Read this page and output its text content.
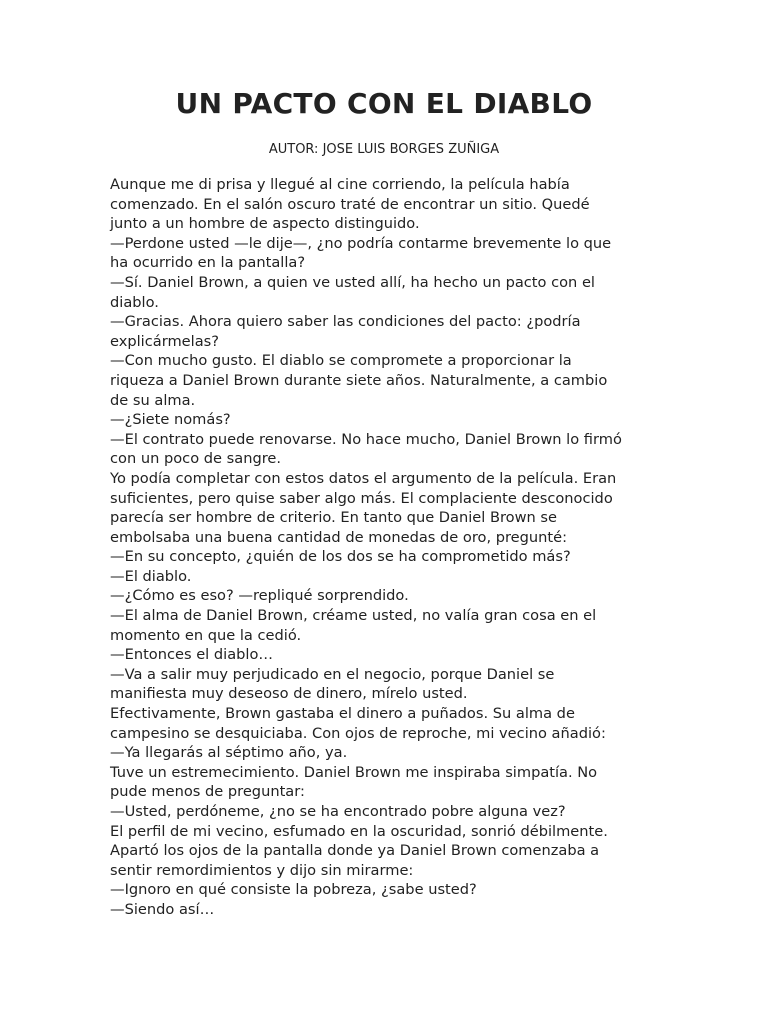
UN PACTO CON EL DIABLO
AUTOR: JOSE LUIS BORGES ZUÑIGA
Aunque me di prisa y llegué al cine corriendo, la película había
comenzado. En el salón oscuro traté de encontrar un sitio. Quedé
junto a un hombre de aspecto distinguido.
—Perdone usted —le dije—, ¿no podría contarme brevemente lo que
ha ocurrido en la pantalla?
—Sí. Daniel Brown, a quien ve usted allí, ha hecho un pacto con el
diablo.
—Gracias. Ahora quiero saber las condiciones del pacto: ¿podría
explicármelas?
—Con mucho gusto. El diablo se compromete a proporcionar la
riqueza a Daniel Brown durante siete años. Naturalmente, a cambio
de su alma.
—¿Siete nomás?
—El contrato puede renovarse. No hace mucho, Daniel Brown lo firmó
con un poco de sangre.
Yo podía completar con estos datos el argumento de la película. Eran
suficientes, pero quise saber algo más. El complaciente desconocido
parecía ser hombre de criterio. En tanto que Daniel Brown se
embolsaba una buena cantidad de monedas de oro, pregunté:
—En su concepto, ¿quién de los dos se ha comprometido más?
—El diablo.
—¿Cómo es eso? —repliqué sorprendido.
—El alma de Daniel Brown, créame usted, no valía gran cosa en el
momento en que la cedió.
—Entonces el diablo…
—Va a salir muy perjudicado en el negocio, porque Daniel se
manifiesta muy deseoso de dinero, mírelo usted.
Efectivamente, Brown gastaba el dinero a puñados. Su alma de
campesino se desquiciaba. Con ojos de reproche, mi vecino añadió:
—Ya llegarás al séptimo año, ya.
Tuve un estremecimiento. Daniel Brown me inspiraba simpatía. No
pude menos de preguntar:
—Usted, perdóneme, ¿no se ha encontrado pobre alguna vez?
El perfil de mi vecino, esfumado en la oscuridad, sonrió débilmente.
Apartó los ojos de la pantalla donde ya Daniel Brown comenzaba a
sentir remordimientos y dijo sin mirarme:
—Ignoro en qué consiste la pobreza, ¿sabe usted?
—Siendo así…
